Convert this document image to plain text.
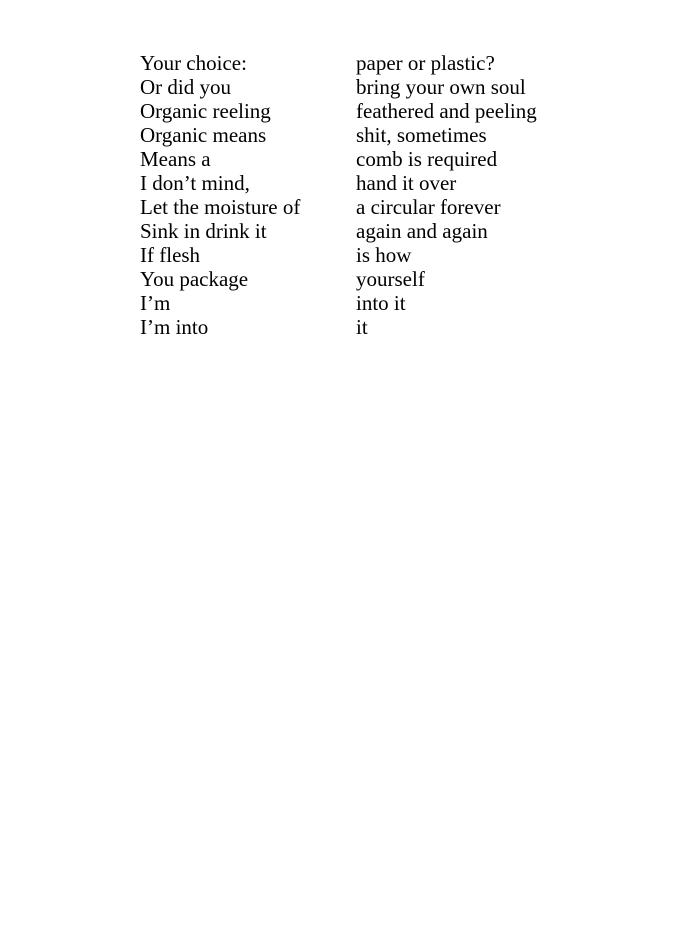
Your choice:	paper or plastic?
Or did you	bring your own soul
Organic reeling	feathered and peeling
Organic means	shit, sometimes
Means a	comb is required
I don’t mind,	hand it over
Let the moisture of	a circular forever
Sink in drink it	again and again
If flesh	is how
You package	yourself
I’m	into it
I’m into	it
